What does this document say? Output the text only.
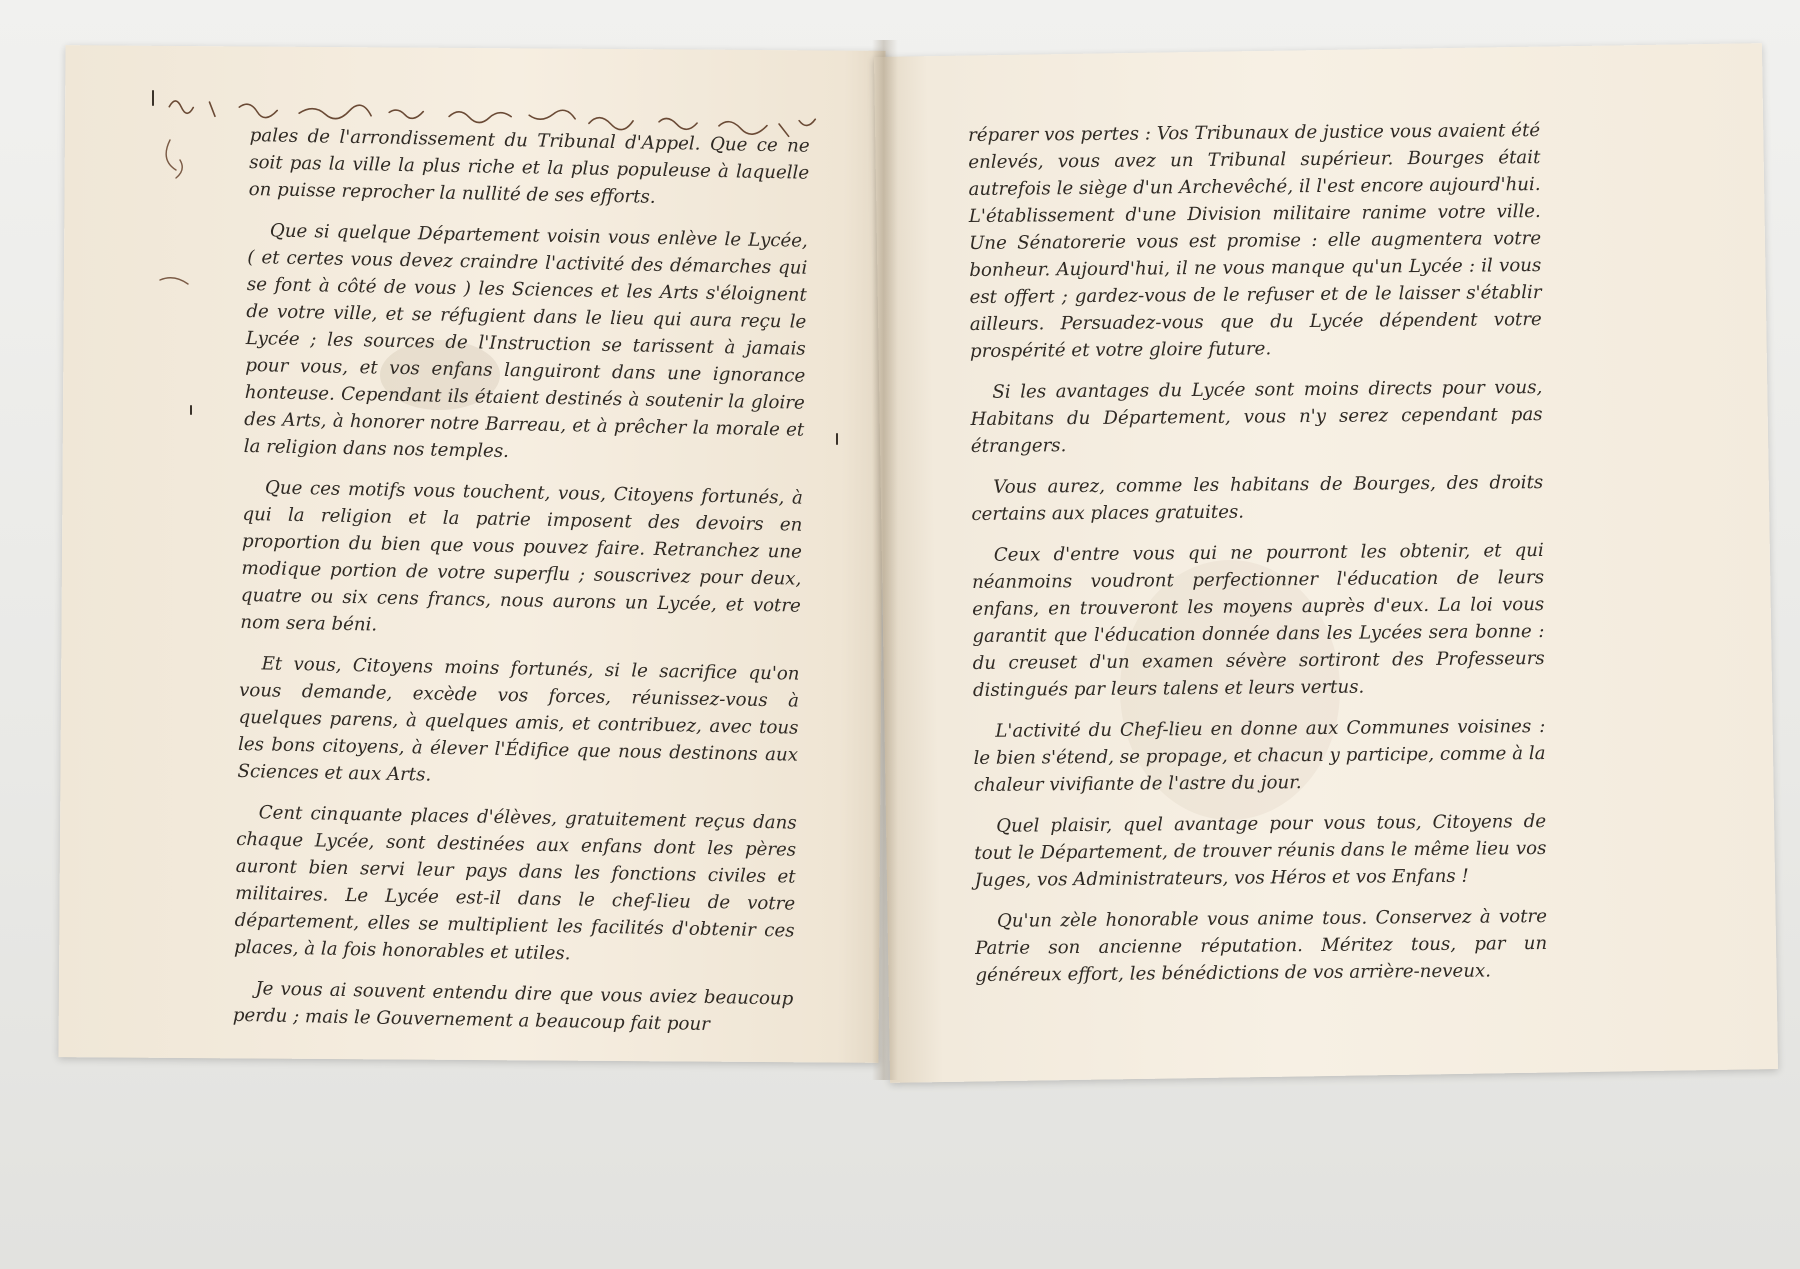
pales de l'arrondissement du Tribunal d'Appel. Que ce ne soit pas la ville la plus riche et la plus populeuse à laquelle on puisse reprocher la nullité de ses efforts.

Que si quelque Département voisin vous enlève le Lycée, ( et certes vous devez craindre l'activité des démarches qui se font à côté de vous ) les Sciences et les Arts s'éloignent de votre ville, et se réfugient dans le lieu qui aura reçu le Lycée ; les sources de l'Instruction se tarissent à jamais pour vous, et vos enfans languiront dans une ignorance honteuse. Cependant ils étaient destinés à soutenir la gloire des Arts, à honorer notre Barreau, et à prêcher la morale et la religion dans nos temples.

Que ces motifs vous touchent, vous, Citoyens fortunés, à qui la religion et la patrie imposent des devoirs en proportion du bien que vous pouvez faire. Retranchez une modique portion de votre superflu ; souscrivez pour deux, quatre ou six cens francs, nous aurons un Lycée, et votre nom sera béni.

Et vous, Citoyens moins fortunés, si le sacrifice qu'on vous demande, excède vos forces, réunissez-vous à quelques parens, à quelques amis, et contribuez, avec tous les bons citoyens, à élever l'Édifice que nous destinons aux Sciences et aux Arts.

Cent cinquante places d'élèves, gratuitement reçus dans chaque Lycée, sont destinées aux enfans dont les pères auront bien servi leur pays dans les fonctions civiles et militaires. Le Lycée est-il dans le chef-lieu de votre département, elles se multiplient les facilités d'obtenir ces places, à la fois honorables et utiles.

Je vous ai souvent entendu dire que vous aviez beaucoup perdu ; mais le Gouvernement a beaucoup fait pour

réparer vos pertes : Vos Tribunaux de justice vous avaient été enlevés, vous avez un Tribunal supérieur. Bourges était autrefois le siège d'un Archevêché, il l'est encore aujourd'hui. L'établissement d'une Division militaire ranime votre ville. Une Sénatorerie vous est promise : elle augmentera votre bonheur. Aujourd'hui, il ne vous manque qu'un Lycée : il vous est offert ; gardez-vous de le refuser et de le laisser s'établir ailleurs. Persuadez-vous que du Lycée dépendent votre prospérité et votre gloire future.

Si les avantages du Lycée sont moins directs pour vous, Habitans du Département, vous n'y serez cependant pas étrangers.

Vous aurez, comme les habitans de Bourges, des droits certains aux places gratuites.

Ceux d'entre vous qui ne pourront les obtenir, et qui néanmoins voudront perfectionner l'éducation de leurs enfans, en trouveront les moyens auprès d'eux. La loi vous garantit que l'éducation donnée dans les Lycées sera bonne : du creuset d'un examen sévère sortiront des Professeurs distingués par leurs talens et leurs vertus.

L'activité du Chef-lieu en donne aux Communes voisines : le bien s'étend, se propage, et chacun y participe, comme à la chaleur vivifiante de l'astre du jour.

Quel plaisir, quel avantage pour vous tous, Citoyens de tout le Département, de trouver réunis dans le même lieu vos Juges, vos Administrateurs, vos Héros et vos Enfans !

Qu'un zèle honorable vous anime tous. Conservez à votre Patrie son ancienne réputation. Méritez tous, par un généreux effort, les bénédictions de vos arrière-neveux.
